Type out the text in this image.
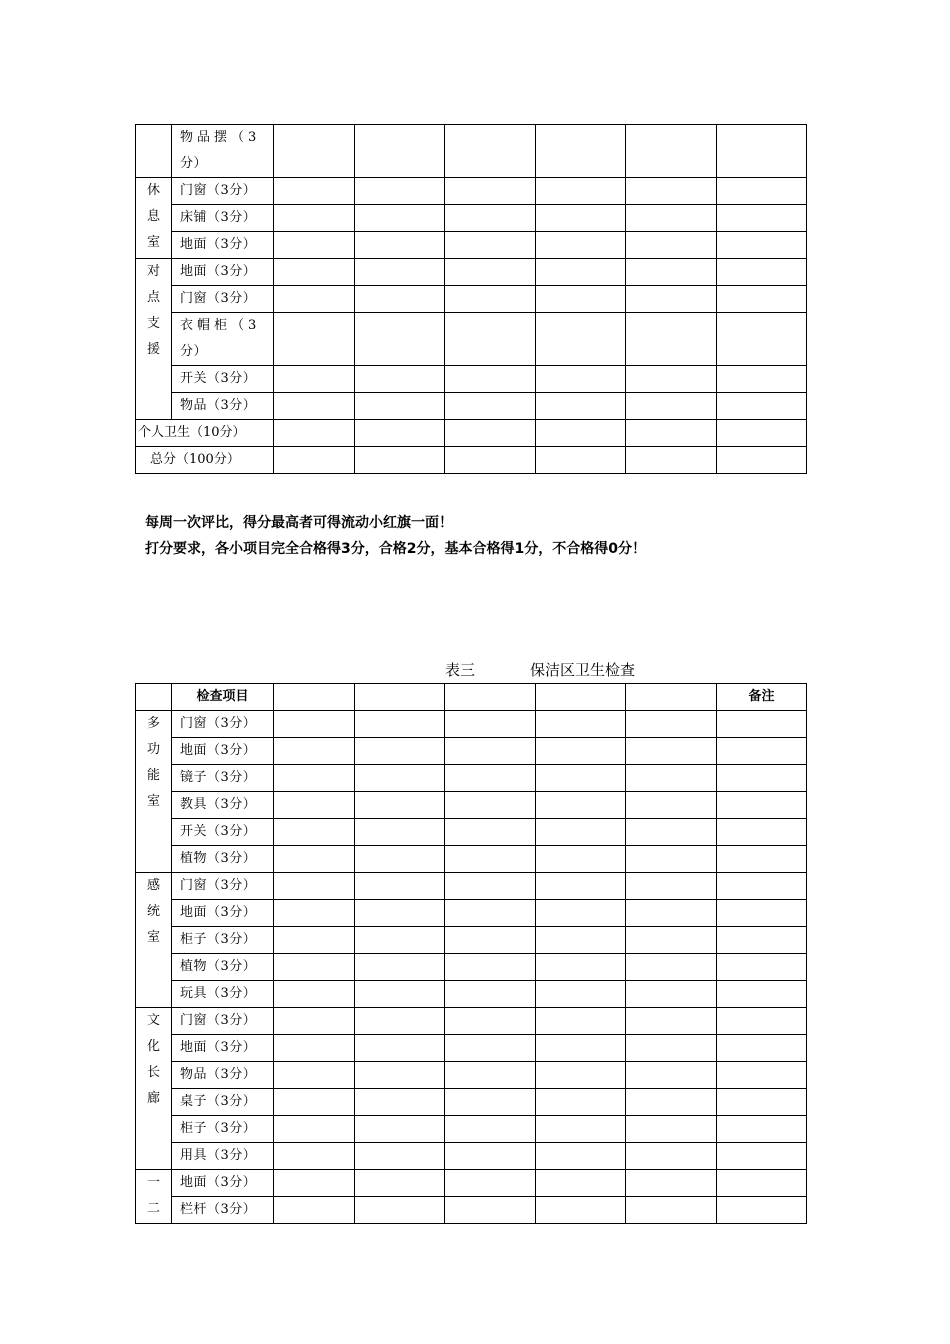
	物品摆（3
分）						

休
息
室	门窗（3分）						
	床铺（3分）						
	地面（3分）						

对
点
支
援	地面（3分）						
	门窗（3分）						

	衣帽柜（3
分）						

	开关（3分）						
	物品（3分）						
个人卫生（10分）							
总分（100分）							
每周一次评比，得分最高者可得流动小红旗一面！
打分要求，各小项目完全合格得3分，合格2分，基本合格得1分，不合格得0分！
表三	保洁区卫生检查
	检查项目						备注

多
功
能
室	门窗（3分）						
	地面（3分）						
	镜子（3分）						
	教具（3分）						
	开关（3分）						
	植物（3分）						

感
统
室	门窗（3分）						
	地面（3分）						
	柜子（3分）						
	植物（3分）						
	玩具（3分）						

文
化
长
廊	门窗（3分）						
	地面（3分）						
	物品（3分）						
	桌子（3分）						
	柜子（3分）						
	用具（3分）						

一
二	地面（3分）						
	栏杆（3分）						
